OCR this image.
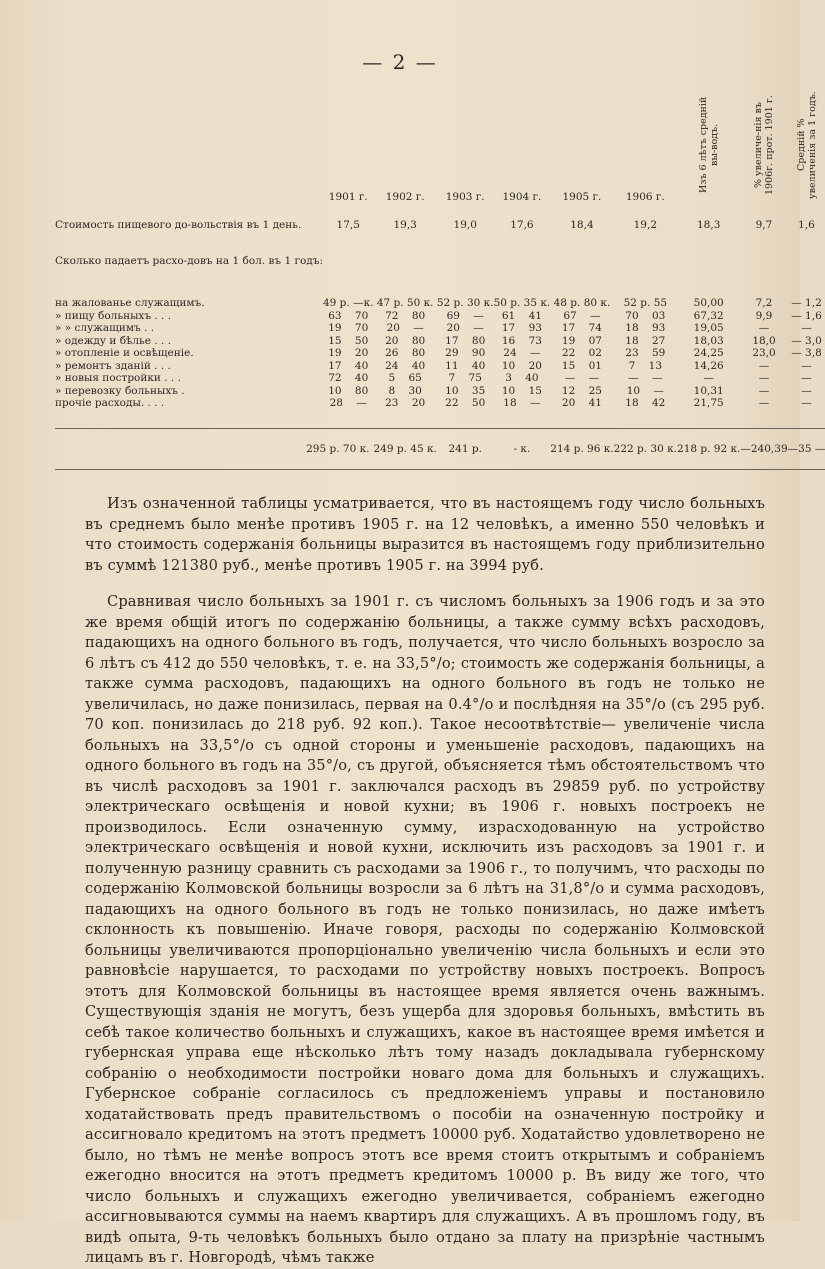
— 2 —
	1901 г.	1902 г.	1903 г.	1904 г.	1905 г.	1906 г.	Изъ 6 лѣтъ средній вы-водъ.	% увеличе-нія въ 1906г. прот. 1901 г.	Средній % увеличенія за 1 годъ.
Стоимость пищевого до-вольствія въ 1 день.	17,5	19,3	19,0	17,6	18,4	19,2	18,3	9,7	1,6
Сколько падаетъ расхо-довъ на 1 бол. въ 1 годъ:									

на жалованье служащимъ.	49 р. —к.	47 р. 50 к.	52 р. 30 к.	50 р. 35 к.	48 р. 80 к.	52 р. 55	50,00	7,2	— 1,2
» пищу больныхъ . . .	63    70	72    80	69    —	61    41	67    —	70    03	67,32	9,9	— 1,6
» » служащимъ . .	19    70	20    —	20    —	17    93	17    74	18    93	19,05	—	—
» одежду и бѣлье . . .	15    50	20    80	17    80	16    73	19    07	18    27	18,03	18,0	— 3,0
» отопленіе и освѣщеніе.	19    20	26    80	29    90	24    —	22    02	23    59	24,25	23,0	— 3,8
» ремонтъ зданій . . .	17    40	24    40	11    40	10    20	15    01	7    13	14,26	—	—
» новыя постройки . . .	72    40	5    65	7    75	3    40	—    —	—    —	—	—	—
» перевозку больныхъ .	10    80	8    30	10    35	10    15	12    25	10    —	10,31	—	—
прочіе расходы. . . .	28    —	23    20	22    50	18    —	20    41	18    42	21,75	—	—

295 р. 70 к.		249 р. 45 к.	241 р.	- к.	214 р. 96 к.	222 р. 30 к.	218 р. 92 к.	—240,39	—35 —

Изъ означенной таблицы усматривается, что въ настоящемъ году число больныхъ въ среднемъ было менѣе противъ 1905 г. на 12 человѣкъ, а именно 550 человѣкъ и что стоимость содержанія больницы выразится въ настоящемъ году приблизительно въ суммѣ 121380 руб., менѣе противъ 1905 г. на 3994 руб.

Сравнивая число больныхъ за 1901 г. съ числомъ больныхъ за 1906 годъ и за это же время общій итогъ по содержанію больницы, а также сумму всѣхъ расходовъ, падающихъ на одного больного въ годъ, получается, что число больныхъ возросло за 6 лѣтъ съ 412 до 550 человѣкъ, т. е. на 33,5°/о; стоимость же содержанія больницы, а также сумма расходовъ, падающихъ на одного больного въ годъ не только не увеличилась, но даже понизилась, первая на 0.4°/о и послѣдняя на 35°/о (съ 295 руб. 70 коп. понизилась до 218 руб. 92 коп.). Такое несоотвѣтствіе— увеличеніе числа больныхъ на 33,5°/о съ одной стороны и уменьшеніе расходовъ, падающихъ на одного больного въ годъ на 35°/о, съ другой, объясняется тѣмъ обстоятельствомъ что въ числѣ расходовъ за 1901 г. заключался расходъ въ 29859 руб. по устройству электрическаго освѣщенія и новой кухни; въ 1906 г. новыхъ построекъ не производилось. Если означенную сумму, израсходованную на устройство электрическаго освѣщенія и новой кухни, исключить изъ расходовъ за 1901 г. и полученную разницу сравнить съ расходами за 1906 г., то получимъ, что расходы по содержанію Колмовской больницы возросли за 6 лѣтъ на 31,8°/о и сумма расходовъ, падающихъ на одного больного въ годъ не только понизилась, но даже имѣетъ склонность къ повышенію. Иначе говоря, расходы по содержанію Колмовской больницы увеличиваются пропорціонально увеличенію числа больныхъ и если это равновѣсіе нарушается, то расходами по устройству новыхъ построекъ. Вопросъ этотъ для Колмовской больницы въ настоящее время является очень важнымъ. Существующія зданія не могутъ, безъ ущерба для здоровья больныхъ, вмѣстить въ себѣ такое количество больныхъ и служащихъ, какое въ настоящее время имѣется и губернская управа еще нѣсколько лѣтъ тому назадъ докладывала губернскому собранію о необходимости постройки новаго дома для больныхъ и служащихъ. Губернское собраніе согласилось съ предложеніемъ управы и постановило ходатайствовать предъ правительствомъ о пособіи на означенную постройку и ассигновало кредитомъ на этотъ предметъ 10000 руб. Ходатайство удовлетворено не было, но тѣмъ не менѣе вопросъ этотъ все время стоитъ открытымъ и собраніемъ ежегодно вносится на этотъ предметъ кредитомъ 10000 р. Въ виду же того, что число больныхъ и служащихъ ежегодно увеличивается, собраніемъ ежегодно ассигновываются суммы на наемъ квартиръ для служащихъ. А въ прошломъ году, въ видѣ опыта, 9-ть человѣкъ больныхъ было отдано за плату на призрѣніе частнымъ лицамъ въ г. Новгородѣ, чѣмъ также
